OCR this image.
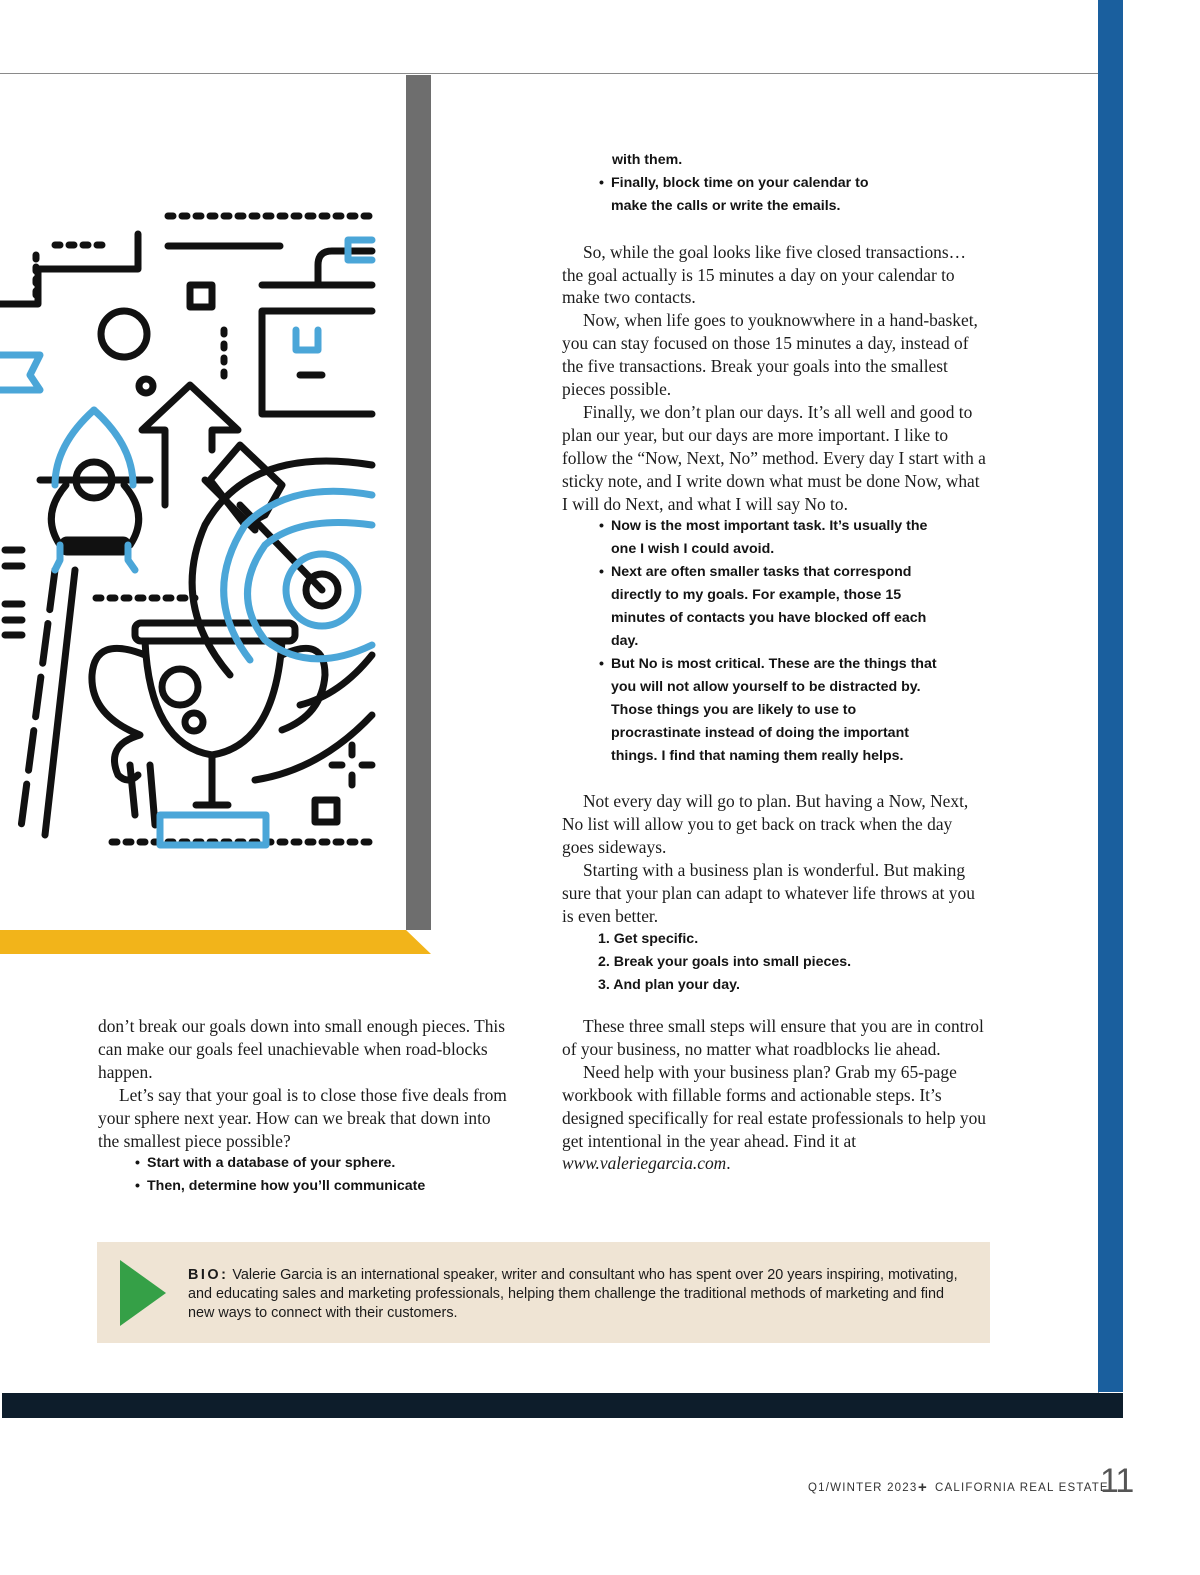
with them.
• Finally, block time on your calendar to make the calls or write the emails.

So, while the goal looks like five closed transactions… the goal actually is 15 minutes a day on your calendar to make two contacts.

Now, when life goes to youknowwhere in a hand-basket, you can stay focused on those 15 minutes a day, instead of the five transactions. Break your goals into the smallest pieces possible.

Finally, we don’t plan our days. It’s all well and good to plan our year, but our days are more important. I like to follow the “Now, Next, No” method. Every day I start with a sticky note, and I write down what must be done Now, what I will do Next, and what I will say No to.

• Now is the most important task. It’s usually the one I wish I could avoid.
• Next are often smaller tasks that correspond directly to my goals. For example, those 15 minutes of contacts you have blocked off each day.
• But No is most critical. These are the things that you will not allow yourself to be distracted by. Those things you are likely to use to procrastinate instead of doing the important things. I find that naming them really helps.

Not every day will go to plan. But having a Now, Next, No list will allow you to get back on track when the day goes sideways.

Starting with a business plan is wonderful. But making sure that your plan can adapt to whatever life throws at you is even better.

1. Get specific.
2. Break your goals into small pieces.
3. And plan your day.

don’t break our goals down into small enough pieces. This can make our goals feel unachievable when road-blocks happen.

Let’s say that your goal is to close those five deals from your sphere next year. How can we break that down into the smallest piece possible?

• Start with a database of your sphere.
• Then, determine how you’ll communicate

These three small steps will ensure that you are in control of your business, no matter what roadblocks lie ahead.

Need help with your business plan? Grab my 65-page workbook with fillable forms and actionable steps. It’s designed specifically for real estate professionals to help you get intentional in the year ahead. Find it at www.valeriegarcia.com.

BIO: Valerie Garcia is an international speaker, writer and consultant who has spent over 20 years inspiring, motivating, and educating sales and marketing professionals, helping them challenge the traditional methods of marketing and find new ways to connect with their customers.
Q1/WINTER 2023 + CALIFORNIA REAL ESTATE
11
